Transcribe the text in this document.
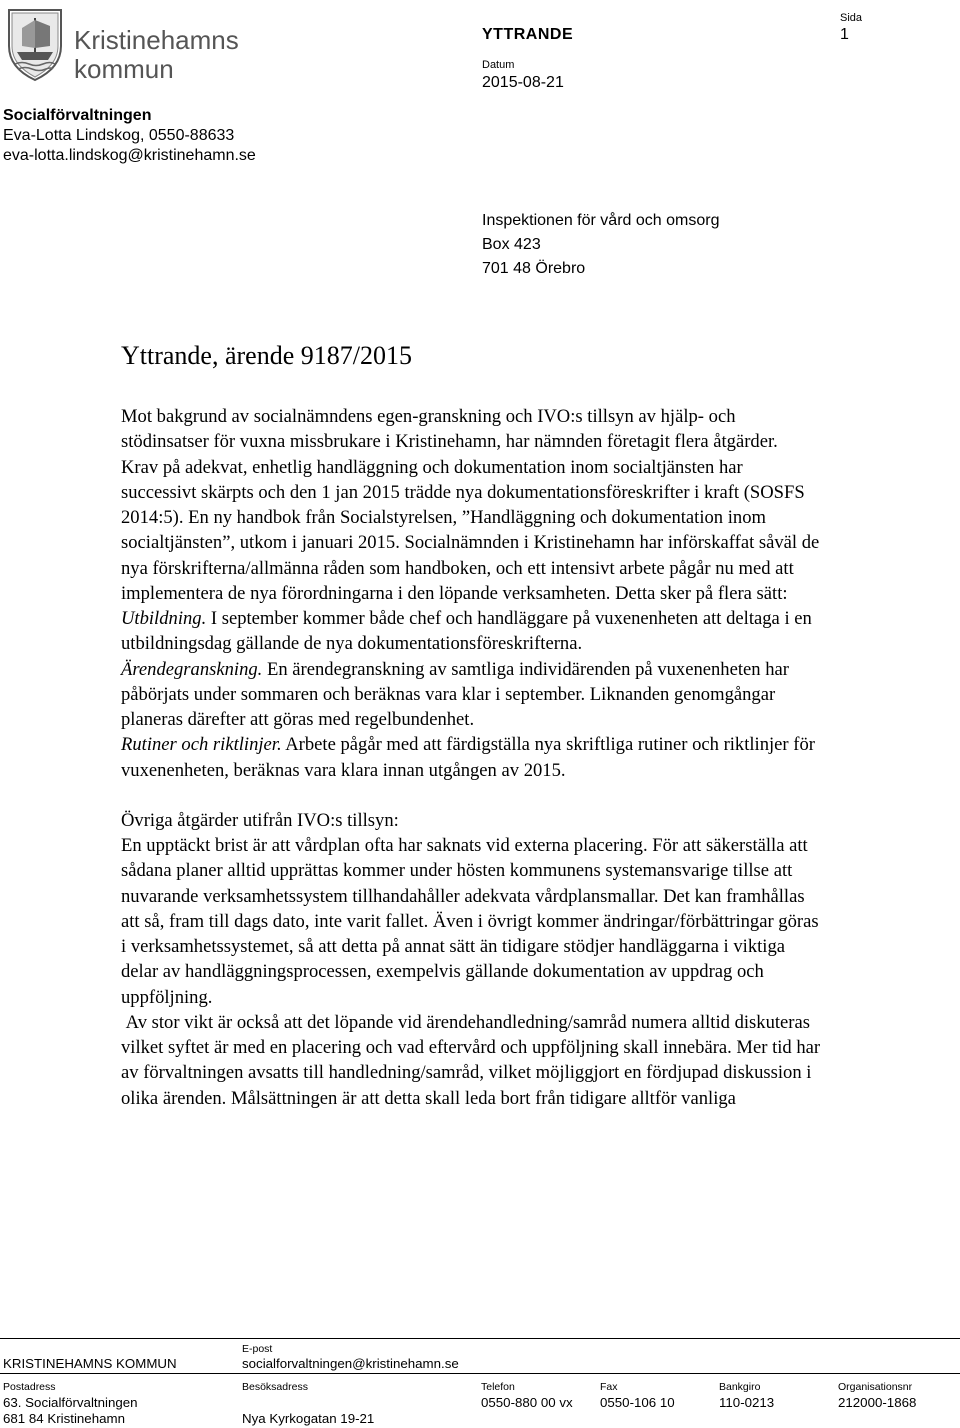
Kristinehamns
kommun
Socialförvaltningen
Eva-Lotta Lindskog, 0550-88633
eva-lotta.lindskog@kristinehamn.se
YTTRANDE
Datum
2015-08-21
Sida
1
Inspektionen för vård och omsorg
Box 423
701 48 Örebro
Yttrande, ärende 9187/2015

Mot bakgrund av socialnämndens egen-granskning och IVO:s tillsyn av hjälp- och stödinsatser för vuxna missbrukare i Kristinehamn, har nämnden företagit flera åtgärder.

Krav på adekvat, enhetlig handläggning och dokumentation inom socialtjänsten har successivt skärpts och den 1 jan 2015 trädde nya dokumentationsföreskrifter i kraft (SOSFS 2014:5). En ny handbok från Socialstyrelsen, ”Handläggning och dokumentation inom socialtjänsten”, utkom i januari 2015. Socialnämnden i Kristinehamn har införskaffat såväl de nya förskrifterna/allmänna råden som handboken, och ett intensivt arbete pågår nu med att implementera de nya förordningarna i den löpande verksamheten. Detta sker på flera sätt:

Utbildning. I september kommer både chef och handläggare på vuxenenheten att deltaga i en utbildningsdag gällande de nya dokumentationsföreskrifterna.

Ärendegranskning. En ärendegranskning av samtliga individärenden på vuxenenheten har påbörjats under sommaren och beräknas vara klar i september. Liknanden genomgångar planeras därefter att göras med regelbundenhet.

Rutiner och riktlinjer. Arbete pågår med att färdigställa nya skriftliga rutiner och riktlinjer för vuxenenheten, beräknas vara klara innan utgången av 2015.

Övriga åtgärder utifrån IVO:s tillsyn:

En upptäckt brist är att vårdplan ofta har saknats vid externa placering. För att säkerställa att sådana planer alltid upprättas kommer under hösten kommunens systemansvarige tillse att nuvarande verksamhetssystem tillhandahåller adekvata vårdplansmallar. Det kan framhållas att så, fram till dags dato, inte varit fallet. Även i övrigt kommer ändringar/förbättringar göras i verksamhetssystemet, så att detta på annat sätt än tidigare stödjer handläggarna i viktiga delar av handläggningsprocessen, exempelvis gällande dokumentation av uppdrag och uppföljning.

Av stor vikt är också att det löpande vid ärendehandledning/samråd numera alltid diskuteras vilket syftet är med en placering och vad eftervård och uppföljning skall innebära. Mer tid har av förvaltningen avsatts till handledning/samråd, vilket möjliggjort en fördjupad diskussion i olika ärenden. Målsättningen är att detta skall leda bort från tidigare alltför vanliga

KRISTINEHAMNS KOMMUN
E-post
socialforvaltningen@kristinehamn.se
Postadress
63. Socialförvaltningen
681 84 Kristinehamn
Besöksadress
Nya Kyrkogatan 19-21
Telefon
0550-880 00 vx
Fax
0550-106 10
Bankgiro
110-0213
Organisationsnr
212000-1868
